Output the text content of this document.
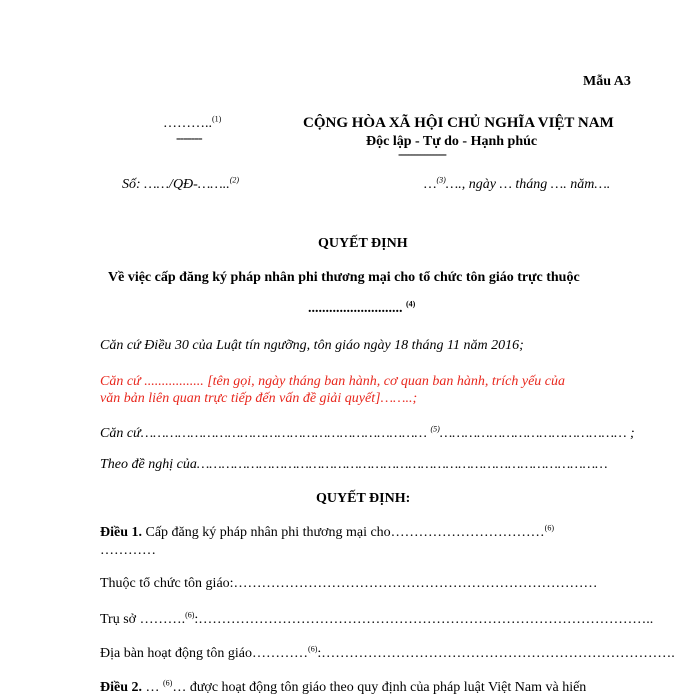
Mẫu A3
………..$^{(1)}$
-------
CỘNG HÒA XÃ HỘI CHỦ NGHĨA VIỆT NAM
Độc lập - Tự do - Hạnh phúc
---------------
Số: ……/QĐ-……..$^{(2)}$	…$^{(3)}$…., ngày … tháng …. năm….
QUYẾT ĐỊNH
Về việc cấp đăng ký pháp nhân phi thương mại cho tổ chức tôn giáo trực thuộc
........................... $^{(4)}$
Căn cứ Điều 30 của Luật tín ngưỡng, tôn giáo ngày 18 tháng 11 năm 2016;
Căn cứ ................. [tên gọi, ngày tháng ban hành, cơ quan ban hành, trích yếu của
văn bản liên quan trực tiếp đến vấn đề giải quyết]……..;
Căn cứ…………………………………………………………… $^{(5)}$……………………………………… ;
Theo đề nghị của………………………………………………………………………………………
QUYẾT ĐỊNH:
Điều 1. Cấp đăng ký pháp nhân phi thương mại cho……………………………$^{(6)}$
…………
Thuộc tổ chức tôn giáo:……………………………………………………………………
Trụ sở ……….$^{(6)}$:……………………………………………………………………………………..
Địa bàn hoạt động tôn giáo…………$^{(6)}$:………………………………………………………………….
Điều 2. … $^{(6)}$… được hoạt động tôn giáo theo quy định của pháp luật Việt Nam và hiến
